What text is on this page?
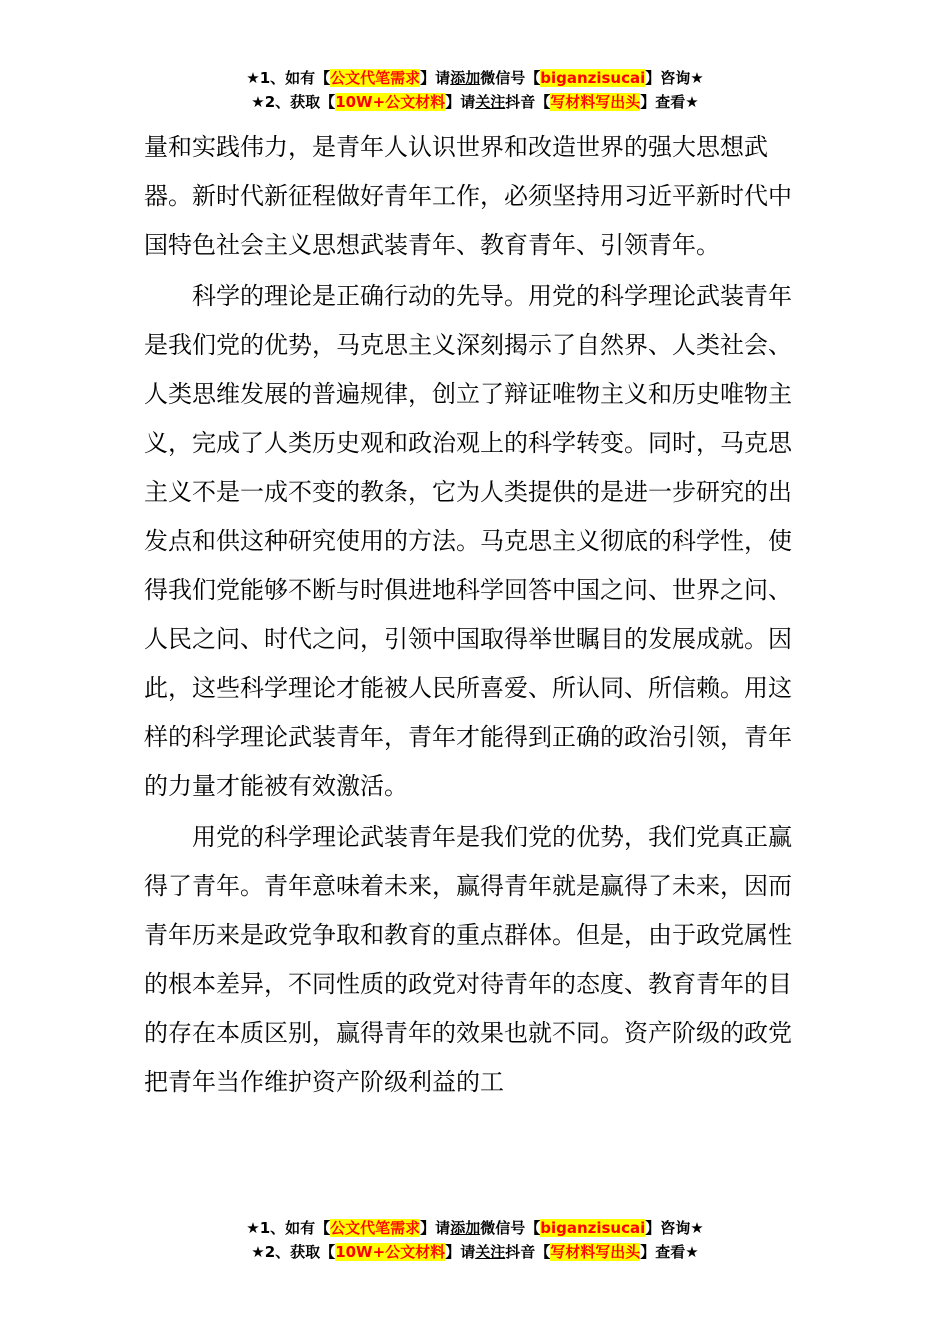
★1、如有【公文代笔需求】请添加微信号【biganzisucai】咨询★
★2、获取【10W+公文材料】请关注抖音【写材料写出头】查看★

量和实践伟力，是青年人认识世界和改造世界的强大思想武器。新时代新征程做好青年工作，必须坚持用习近平新时代中国特色社会主义思想武装青年、教育青年、引领青年。

科学的理论是正确行动的先导。用党的科学理论武装青年是我们党的优势，马克思主义深刻揭示了自然界、人类社会、人类思维发展的普遍规律，创立了辩证唯物主义和历史唯物主义，完成了人类历史观和政治观上的科学转变。同时，马克思主义不是一成不变的教条，它为人类提供的是进一步研究的出发点和供这种研究使用的方法。马克思主义彻底的科学性，使得我们党能够不断与时俱进地科学回答中国之问、世界之问、人民之问、时代之问，引领中国取得举世瞩目的发展成就。因此，这些科学理论才能被人民所喜爱、所认同、所信赖。用这样的科学理论武装青年，青年才能得到正确的政治引领，青年的力量才能被有效激活。

用党的科学理论武装青年是我们党的优势，我们党真正赢得了青年。青年意味着未来，赢得青年就是赢得了未来，因而青年历来是政党争取和教育的重点群体。但是，由于政党属性的根本差异，不同性质的政党对待青年的态度、教育青年的目的存在本质区别，赢得青年的效果也就不同。资产阶级的政党把青年当作维护资产阶级利益的工

★1、如有【公文代笔需求】请添加微信号【biganzisucai】咨询★
★2、获取【10W+公文材料】请关注抖音【写材料写出头】查看★
